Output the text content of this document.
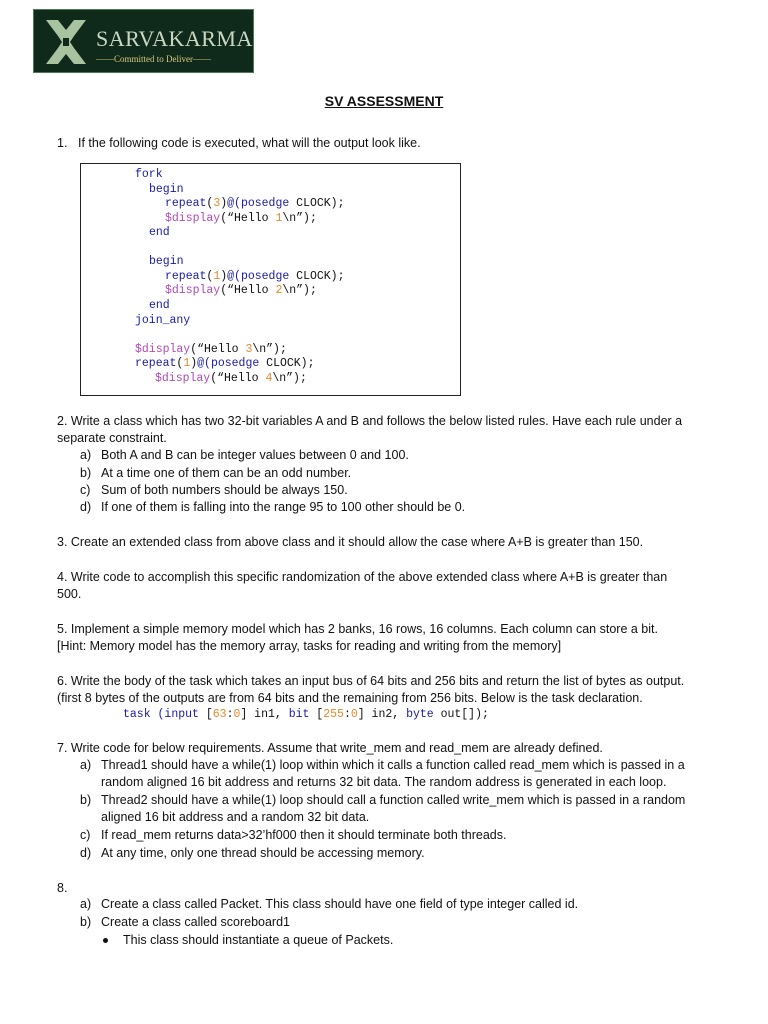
SARVAKARMA
——Committed to Deliver——
SV ASSESSMENT
1. If the following code is executed, what will the output look like.
fork
begin
repeat(3)@(posedge CLOCK);
$display(“Hello 1\n”);
end
begin
repeat(1)@(posedge CLOCK);
$display(“Hello 2\n”);
end
join_any
$display(“Hello 3\n”);
repeat(1)@(posedge CLOCK);
$display(“Hello 4\n”);
2. Write a class which has two 32-bit variables A and B and follows the below listed rules. Have each rule under a
separate constraint.
a) Both A and B can be integer values between 0 and 100.
b) At a time one of them can be an odd number.
c) Sum of both numbers should be always 150.
d) If one of them is falling into the range 95 to 100 other should be 0.
3. Create an extended class from above class and it should allow the case where A+B is greater than 150.
4. Write code to accomplish this specific randomization of the above extended class where A+B is greater than
500.
5. Implement a simple memory model which has 2 banks, 16 rows, 16 columns. Each column can store a bit.
[Hint: Memory model has the memory array, tasks for reading and writing from the memory]
6. Write the body of the task which takes an input bus of 64 bits and 256 bits and return the list of bytes as output.
(first 8 bytes of the outputs are from 64 bits and the remaining from 256 bits. Below is the task declaration.
task (input [63:0] in1, bit [255:0] in2, byte out[]);
7. Write code for below requirements. Assume that write_mem and read_mem are already defined.
a) Thread1 should have a while(1) loop within which it calls a function called read_mem which is passed in a
random aligned 16 bit address and returns 32 bit data. The random address is generated in each loop.
b) Thread2 should have a while(1) loop should call a function called write_mem which is passed in a random
aligned 16 bit address and a random 32 bit data.
c) If read_mem returns data>32’hf000 then it should terminate both threads.
d) At any time, only one thread should be accessing memory.
8.
a) Create a class called Packet. This class should have one field of type integer called id.
b) Create a class called scoreboard1
This class should instantiate a queue of Packets.
